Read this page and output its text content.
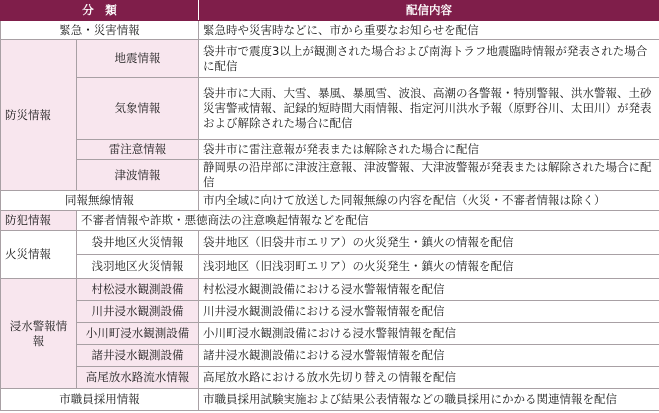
分　類		配信内容
緊急・災害情報		緊急時や災害時などに、市から重要なお知らせを配信
防災情報	地震情報	袋井市で震度3以上が観測された場合および南海トラフ地震臨時情報が発表された場合に配信
	気象情報	袋井市に大雨、大雪、暴風、暴風雪、波浪、高潮の各警報・特別警報、洪水警報、土砂災害警戒情報、記録的短時間大雨情報、指定河川洪水予報（原野谷川、太田川）が発表および解除された場合に配信
	雷注意情報	袋井市に雷注意報が発表または解除された場合に配信
	津波情報	静岡県の沿岸部に津波注意報、津波警報、大津波警報が発表または解除された場合に配信
同報無線情報		市内全域に向けて放送した同報無線の内容を配信（火災・不審者情報は除く）
防犯情報	不審者情報や詐欺・悪徳商法の注意喚起情報などを配信	
火災情報	袋井地区火災情報	袋井地区（旧袋井市エリア）の火災発生・鎮火の情報を配信
	浅羽地区火災情報	浅羽地区（旧浅羽町エリア）の火災発生・鎮火の情報を配信
浸水警報情報	村松浸水観測設備	村松浸水観測設備における浸水警報情報を配信
	川井浸水観測設備	川井浸水観測設備における浸水警報情報を配信
	小川町浸水観測設備	小川町浸水観測設備における浸水警報情報を配信
	諸井浸水観測設備	諸井浸水観測設備における浸水警報情報を配信
	高尾放水路流水情報	高尾放水路における放水先切り替えの情報を配信
市職員採用情報		市職員採用試験実施および結果公表情報などの職員採用にかかる関連情報を配信
